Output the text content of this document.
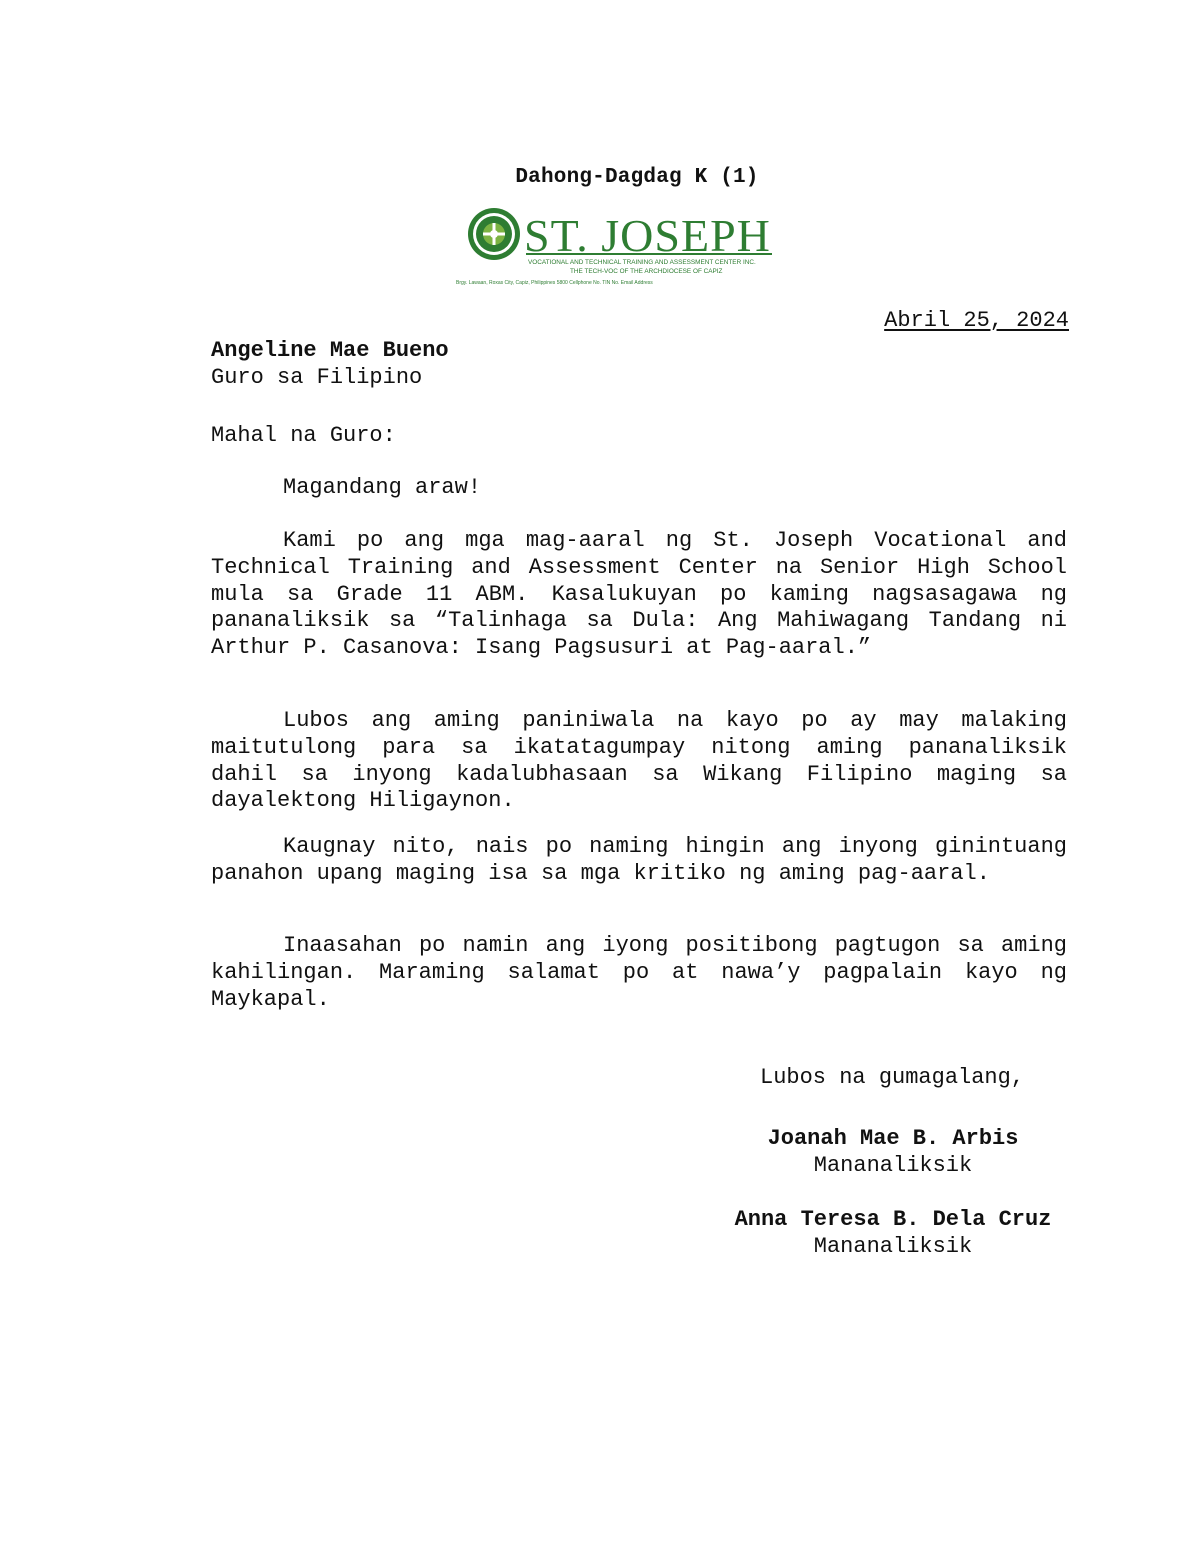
Dahong-Dagdag K (1)
ST. JOSEPH
VOCATIONAL AND TECHNICAL TRAINING AND ASSESSMENT CENTER INC.
THE TECH-VOC OF THE ARCHDIOCESE OF CAPIZ
Brgy. Lawaan, Roxas City, Capiz, Philippines 5800 Cellphone No. TIN No. Email Address
Abril 25, 2024
Angeline Mae Bueno
Guro sa Filipino
Mahal na Guro:
Magandang araw!

Kami po ang mga mag-aaral ng St. Joseph Vocational and Technical Training and Assessment Center na Senior High School mula sa Grade 11 ABM. Kasalukuyan po kaming nagsasagawa ng pananaliksik sa “Talinhaga sa Dula: Ang Mahiwagang Tandang ni Arthur P. Casanova: Isang Pagsusuri at Pag-aaral.”

Lubos ang aming paniniwala na kayo po ay may malaking maitutulong para sa ikatatagumpay nitong aming pananaliksik dahil sa inyong kadalubhasaan sa Wikang Filipino maging sa dayalektong Hiligaynon.

Kaugnay nito, nais po naming hingin ang inyong ginintuang panahon upang maging isa sa mga kritiko ng aming pag-aaral.

Inaasahan po namin ang iyong positibong pagtugon sa aming kahilingan. Maraming salamat po at nawa’y pagpalain kayo ng Maykapal.

Lubos na gumagalang,
Joanah Mae B. Arbis
Mananaliksik
Anna Teresa B. Dela Cruz
Mananaliksik
